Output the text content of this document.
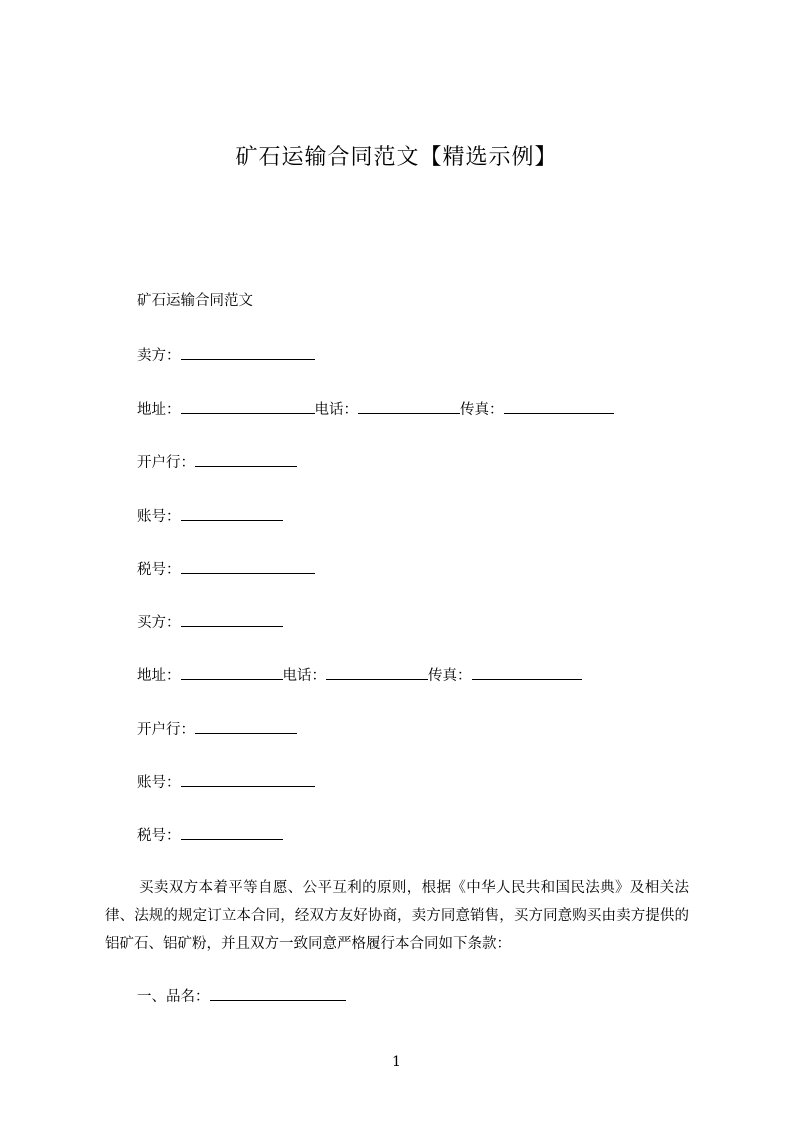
矿石运输合同范文【精选示例】
矿石运输合同范文
卖方：
地址：	电话：	传真：
开户行：
账号：
税号：
买方：
地址：	电话：	传真：
开户行：
账号：
税号：
买卖双方本着平等自愿、公平互利的原则，根据《中华人民共和国民法典》及相关法律、法规的规定订立本合同，经双方友好协商，卖方同意销售，买方同意购买由卖方提供的铝矿石、铝矿粉，并且双方一致同意严格履行本合同如下条款：
一、品名：
1
